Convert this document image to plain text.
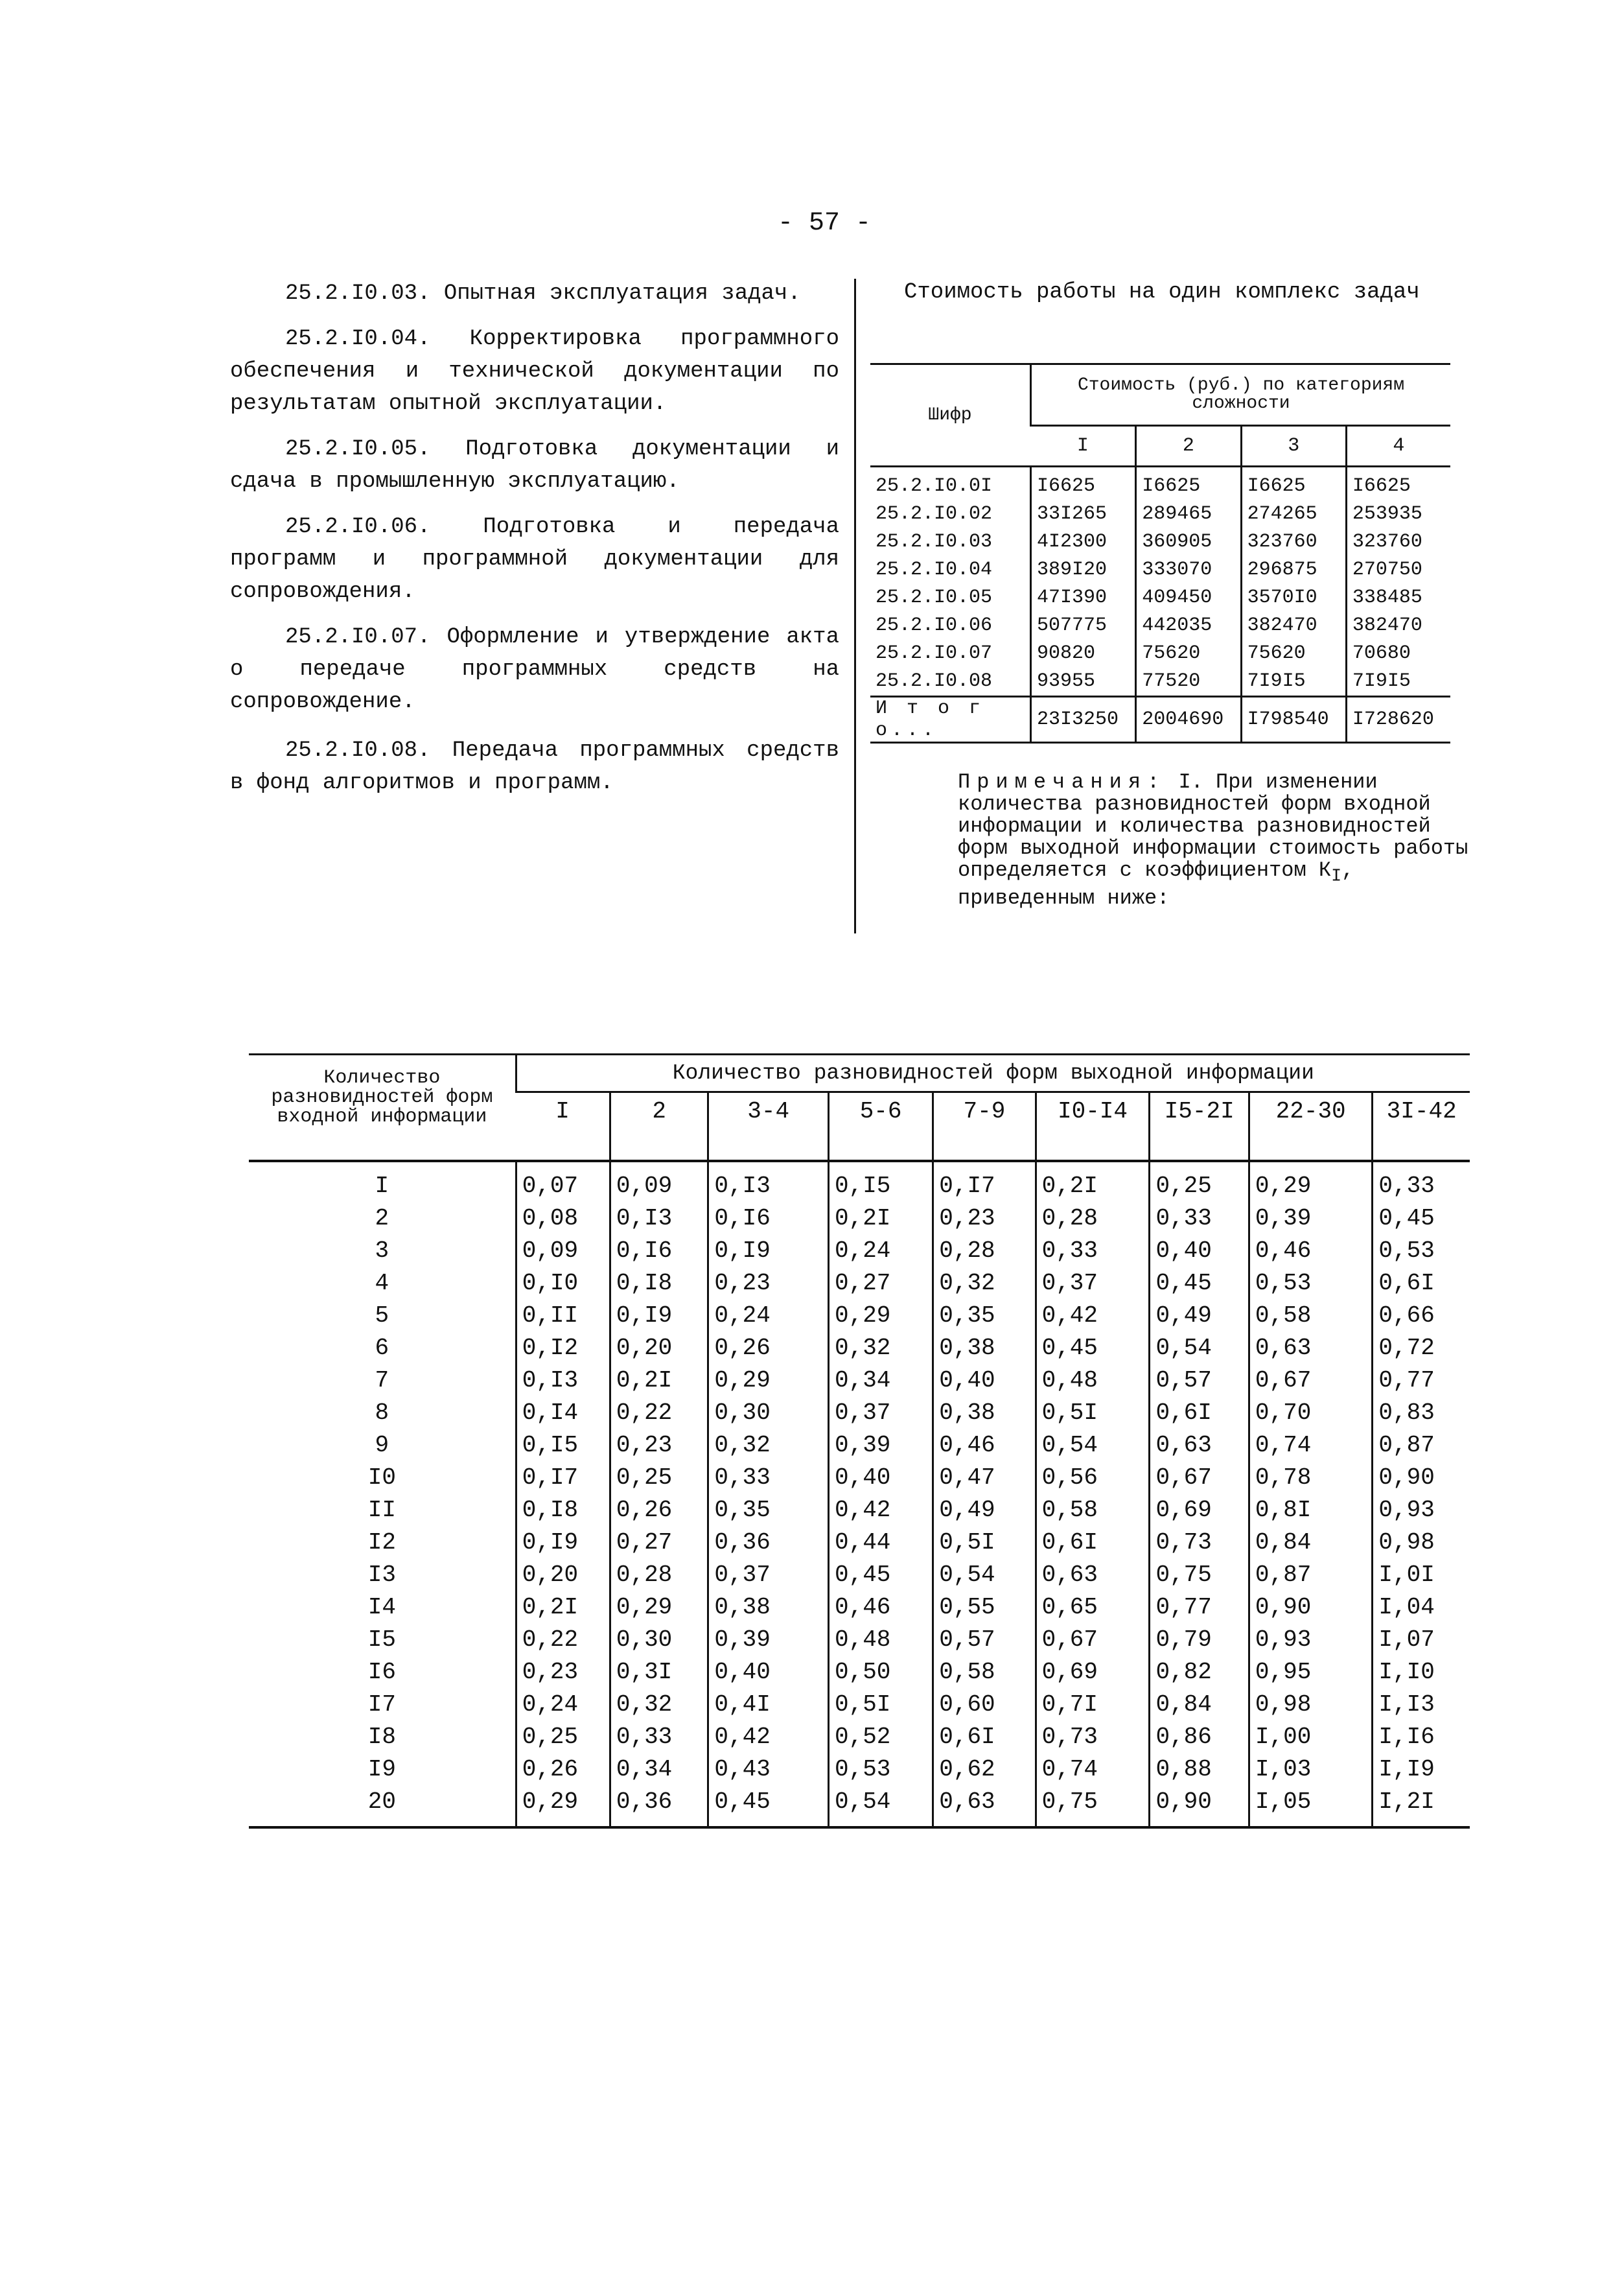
- 57 -

25.2.I0.03. Опытная эксплуатация задач.

25.2.I0.04. Корректировка программного обеспечения и технической документации по результатам опытной эксплуатации.

25.2.I0.05. Подготовка документации и сдача в промышленную эксплуатацию.

25.2.I0.06. Подготовка и передача программ и программной документации для сопровождения.

25.2.I0.07. Оформление и утверждение акта о передаче программных средств на сопровождение.

25.2.I0.08. Передача программных средств в фонд алгоритмов и программ.

Стоимость работы на один комплекс задач
Шифр	Стоимость (руб.) по категориям сложности			
	I	2	3	4
25.2.I0.0I	I6625	I6625	I6625	I6625
25.2.I0.02	33I265	289465	274265	253935
25.2.I0.03	4I2300	360905	323760	323760
25.2.I0.04	389I20	333070	296875	270750
25.2.I0.05	47I390	409450	3570I0	338485
25.2.I0.06	507775	442035	382470	382470
25.2.I0.07	90820	75620	75620	70680
25.2.I0.08	93955	77520	7I9I5	7I9I5
И т о г о...	23I3250	2004690	I798540	I728620
Примечания: I. При изменении количества разновидностей форм входной информации и количества разновидностей форм выходной информации стоимость работы определяется с коэффициентом $К_I$, приведенным ниже:
Количество разновидностей форм входной информации	Количество разновидностей форм выходной информации								
	I	2	3-4	5-6	7-9	I0-I4	I5-2I	22-30	3I-42
I	0,07	0,09	0,I3	0,I5	0,I7	0,2I	0,25	0,29	0,33
2	0,08	0,I3	0,I6	0,2I	0,23	0,28	0,33	0,39	0,45
3	0,09	0,I6	0,I9	0,24	0,28	0,33	0,40	0,46	0,53
4	0,I0	0,I8	0,23	0,27	0,32	0,37	0,45	0,53	0,6I
5	0,II	0,I9	0,24	0,29	0,35	0,42	0,49	0,58	0,66
6	0,I2	0,20	0,26	0,32	0,38	0,45	0,54	0,63	0,72
7	0,I3	0,2I	0,29	0,34	0,40	0,48	0,57	0,67	0,77
8	0,I4	0,22	0,30	0,37	0,38	0,5I	0,6I	0,70	0,83
9	0,I5	0,23	0,32	0,39	0,46	0,54	0,63	0,74	0,87
I0	0,I7	0,25	0,33	0,40	0,47	0,56	0,67	0,78	0,90
II	0,I8	0,26	0,35	0,42	0,49	0,58	0,69	0,8I	0,93
I2	0,I9	0,27	0,36	0,44	0,5I	0,6I	0,73	0,84	0,98
I3	0,20	0,28	0,37	0,45	0,54	0,63	0,75	0,87	I,0I
I4	0,2I	0,29	0,38	0,46	0,55	0,65	0,77	0,90	I,04
I5	0,22	0,30	0,39	0,48	0,57	0,67	0,79	0,93	I,07
I6	0,23	0,3I	0,40	0,50	0,58	0,69	0,82	0,95	I,I0
I7	0,24	0,32	0,4I	0,5I	0,60	0,7I	0,84	0,98	I,I3
I8	0,25	0,33	0,42	0,52	0,6I	0,73	0,86	I,00	I,I6
I9	0,26	0,34	0,43	0,53	0,62	0,74	0,88	I,03	I,I9
20	0,29	0,36	0,45	0,54	0,63	0,75	0,90	I,05	I,2I
